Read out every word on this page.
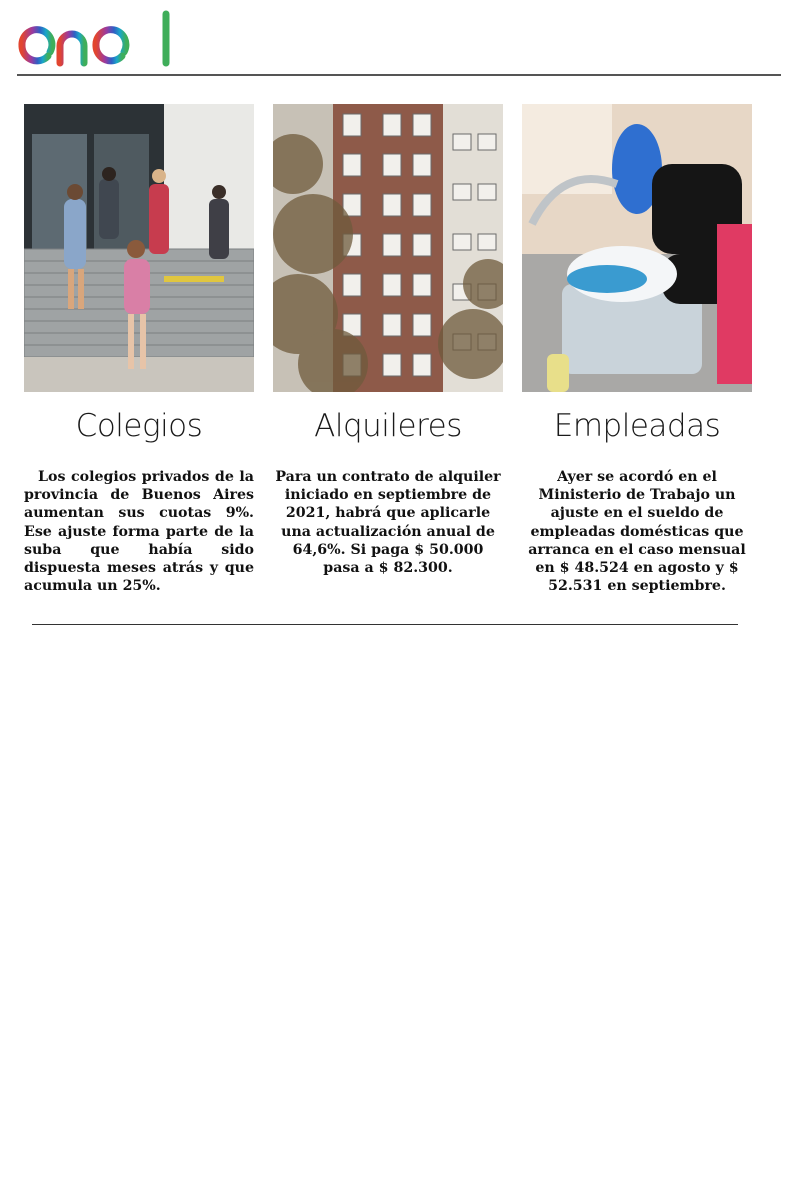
Colegios
Los colegios privados de la provincia de Buenos Aires aumentan sus cuotas 9%. Ese ajuste forma parte de la suba que había sido dispuesta meses atrás y que acumula un 25%.
Alquileres
Para un contrato de alquiler iniciado en septiembre de 2021, habrá que aplicarle una actualización anual de 64,6%. Si paga $ 50.000 pasa a $ 82.300.
Empleadas
Ayer se acordó en el Ministerio de Trabajo un ajuste en el sueldo de empleadas domésticas que arranca en el caso mensual en $ 48.524 en agosto y $ 52.531 en septiembre.
